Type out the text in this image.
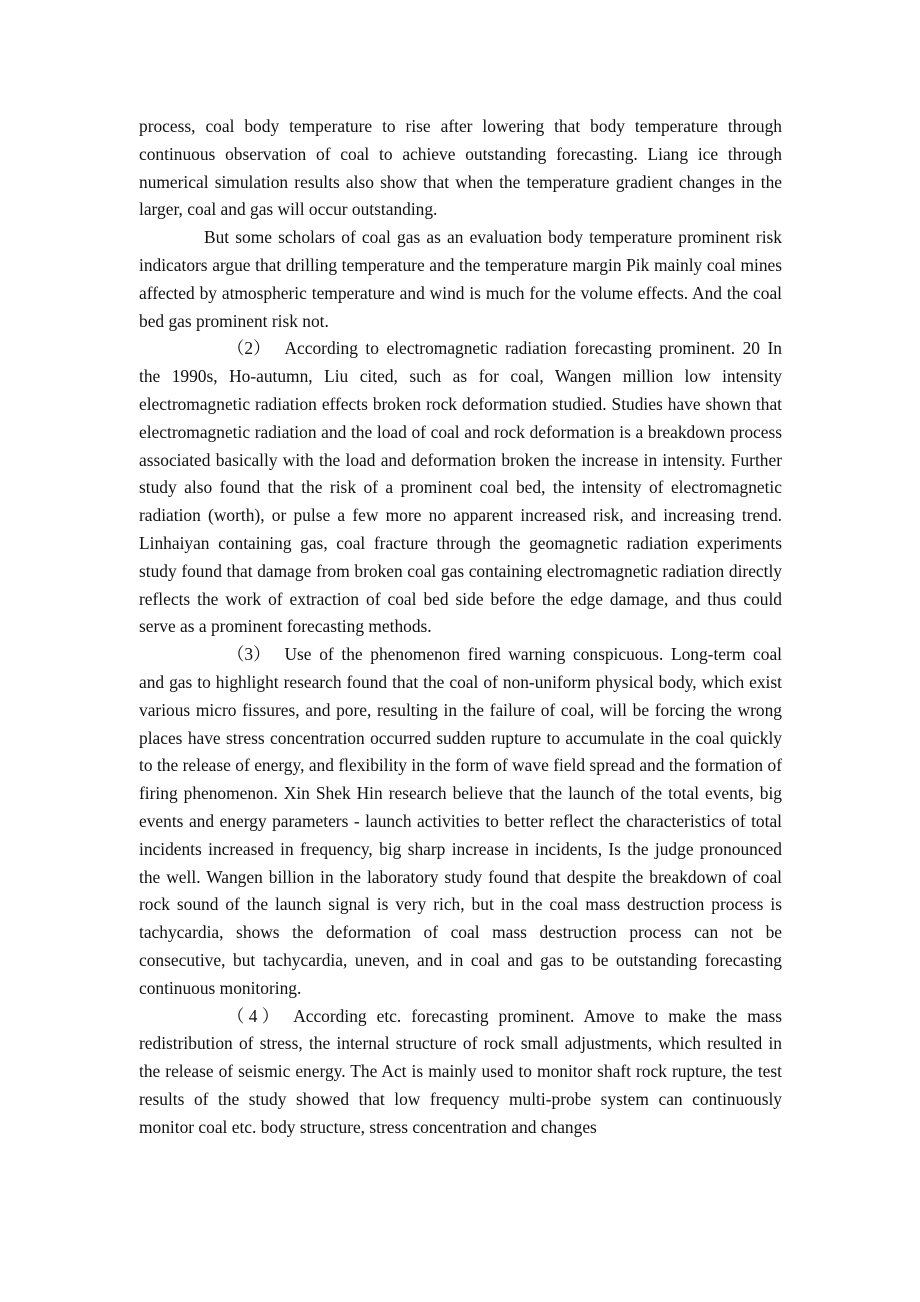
process, coal body temperature to rise after lowering that body temperature through continuous observation of coal to achieve outstanding forecasting. Liang ice through numerical simulation results also show that when the temperature gradient changes in the larger, coal and gas will occur outstanding.

But some scholars of coal gas as an evaluation body temperature prominent risk indicators argue that drilling temperature and the temperature margin Pik mainly coal mines affected by atmospheric temperature and wind is much for the volume effects. And the coal bed gas prominent risk not.

（2） According to electromagnetic radiation forecasting prominent. 20 In the 1990s, Ho-autumn, Liu cited, such as for coal, Wangen million low intensity electromagnetic radiation effects broken rock deformation studied. Studies have shown that electromagnetic radiation and the load of coal and rock deformation is a breakdown process associated basically with the load and deformation broken the increase in intensity. Further study also found that the risk of a prominent coal bed, the intensity of electromagnetic radiation (worth), or pulse a few more no apparent increased risk, and increasing trend. Linhaiyan containing gas, coal fracture through the geomagnetic radiation experiments study found that damage from broken coal gas containing electromagnetic radiation directly reflects the work of extraction of coal bed side before the edge damage, and thus could serve as a prominent forecasting methods.

（3） Use of the phenomenon fired warning conspicuous. Long-term coal and gas to highlight research found that the coal of non-uniform physical body, which exist various micro fissures, and pore, resulting in the failure of coal, will be forcing the wrong places have stress concentration occurred sudden rupture to accumulate in the coal quickly to the release of energy, and flexibility in the form of wave field spread and the formation of firing phenomenon. Xin Shek Hin research believe that the launch of the total events, big events and energy parameters - launch activities to better reflect the characteristics of total incidents increased in frequency, big sharp increase in incidents, Is the judge pronounced the well. Wangen billion in the laboratory study found that despite the breakdown of coal rock sound of the launch signal is very rich, but in the coal mass destruction process is tachycardia, shows the deformation of coal mass destruction process can not be consecutive, but tachycardia, uneven, and in coal and gas to be outstanding forecasting continuous monitoring.

（ 4 ） According etc. forecasting prominent. Amove to make the mass redistribution of stress, the internal structure of rock small adjustments, which resulted in the release of seismic energy. The Act is mainly used to monitor shaft rock rupture, the test results of the study showed that low frequency multi-probe system can continuously monitor coal etc. body structure, stress concentration and changes
